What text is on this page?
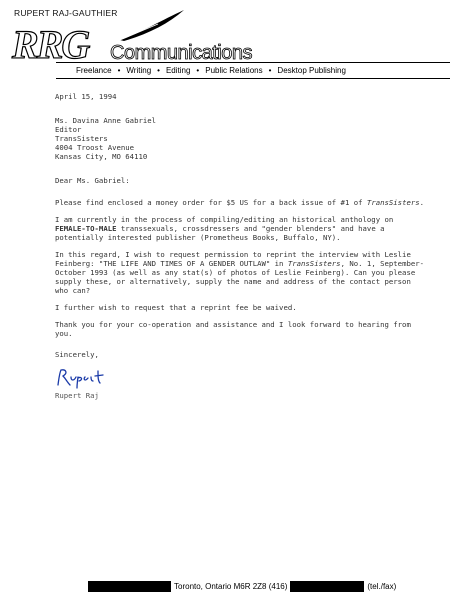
RUPERT RAJ-GAUTHIER
RRG Communications
Freelance • Writing • Editing • Public Relations • Desktop Publishing
April 15, 1994
Ms. Davina Anne Gabriel
Editor
TransSisters
4004 Troost Avenue
Kansas City, MO 64110

Dear Ms. Gabriel:

Please find enclosed a money order for $5 US for a back issue of #1 of TransSisters.

I am currently in the process of compiling/editing an historical anthology on FEMALE-TO-MALE transsexuals, crossdressers and "gender blenders" and have a potentially interested publisher (Prometheus Books, Buffalo, NY).

In this regard, I wish to request permission to reprint the interview with Leslie Feinberg: "THE LIFE AND TIMES OF A GENDER OUTLAW" in TransSisters, No. 1, September-October 1993 (as well as any stat(s) of photos of Leslie Feinberg). Can you please supply these, or alternatively, supply the name and address of the contact person who can?

I further wish to request that a reprint fee be waived.

Thank you for your co-operation and assistance and I look forward to hearing from you.

Sincerely,

Rupert Raj
Toronto, Ontario M6R 2Z8 (416)	(tel./fax)
